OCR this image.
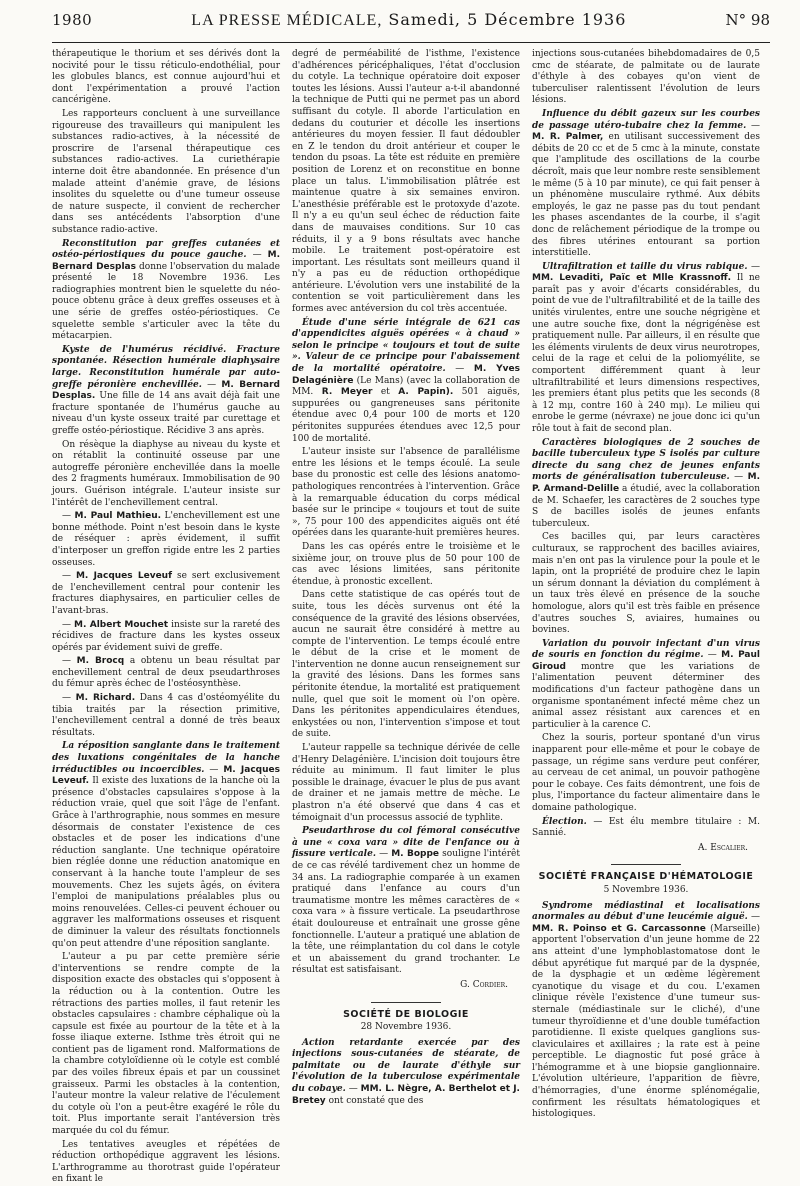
1980	LA PRESSE MÉDICALE, Samedi, 5 Décembre 1936	N° 98

thérapeutique le thorium et ses dérivés dont la nocivité pour le tissu réticulo-endothélial, pour les globules blancs, est connue aujourd'hui et dont l'expérimentation a prouvé l'action cancérigène.

Les rapporteurs concluent à une surveillance rigoureuse des travailleurs qui manipulent les substances radio-actives, à la nécessité de proscrire de l'arsenal thérapeutique ces substances radio-actives. La curiethérapie interne doit être abandonnée. En présence d'un malade atteint d'anémie grave, de lésions insolites du squelette ou d'une tumeur osseuse de nature suspecte, il convient de rechercher dans ses antécédents l'absorption d'une substance radio-active.

Reconstitution par greffes cutanées et ostéo-périostiques du pouce gauche. — M. Bernard Desplas donne l'observation du malade présenté le 18 Novembre 1936. Les radiographies montrent bien le squelette du néo-pouce obtenu grâce à deux greffes osseuses et à une série de greffes ostéo-périostiques. Ce squelette semble s'articuler avec la tête du métacarpien.

Kyste de l'humérus récidivé. Fracture spontanée. Résection humérale diaphysaire large. Reconstitution humérale par auto-greffe péronière enchevillée. — M. Bernard Desplas. Une fille de 14 ans avait déjà fait une fracture spontanée de l'humérus gauche au niveau d'un kyste osseux traité par curettage et greffe ostéo-périostique. Récidive 3 ans après.

On résèque la diaphyse au niveau du kyste et on rétablit la continuité osseuse par une autogreffe péronière enchevillée dans la moelle des 2 fragments huméraux. Immobilisation de 90 jours. Guérison intégrale. L'auteur insiste sur l'intérêt de l'enchevillement central.

— M. Paul Mathieu. L'enchevillement est une bonne méthode. Point n'est besoin dans le kyste de réséquer : après évidement, il suffit d'interposer un greffon rigide entre les 2 parties osseuses.

— M. Jacques Leveuf se sert exclusivement de l'enchevillement central pour contenir les fractures diaphysaires, en particulier celles de l'avant-bras.

— M. Albert Mouchet insiste sur la rareté des récidives de fracture dans les kystes osseux opérés par évidement suivi de greffe.

— M. Brocq a obtenu un beau résultat par enchevillement central de deux pseudarthroses du fémur après échec de l'ostéosynthèse.

— M. Richard. Dans 4 cas d'ostéomyélite du tibia traités par la résection primitive, l'enchevillement central a donné de très beaux résultats.

La réposition sanglante dans le traitement des luxations congénitales de la hanche irréductibles ou incoercibles. — M. Jacques Leveuf. Il existe des luxations de la hanche où la présence d'obstacles capsulaires s'oppose à la réduction vraie, quel que soit l'âge de l'enfant. Grâce à l'arthrographie, nous sommes en mesure désormais de constater l'existence de ces obstacles et de poser les indications d'une réduction sanglante. Une technique opératoire bien réglée donne une réduction anatomique en conservant à la hanche toute l'ampleur de ses mouvements. Chez les sujets âgés, on évitera l'emploi de manipulations préalables plus ou moins renouvelées. Celles-ci peuvent échouer ou aggraver les malformations osseuses et risquent de diminuer la valeur des résultats fonctionnels qu'on peut attendre d'une réposition sanglante.

L'auteur a pu par cette première série d'interventions se rendre compte de la disposition exacte des obstacles qui s'opposent à la réduction ou à la contention. Outre les rétractions des parties molles, il faut retenir les obstacles capsulaires : chambre céphalique où la capsule est fixée au pourtour de la tête et à la fosse iliaque externe. Isthme très étroit qui ne contient pas de ligament rond. Malformations de la chambre cotyloïdienne où le cotyle est comblé par des voiles fibreux épais et par un coussinet graisseux. Parmi les obstacles à la contention, l'auteur montre la valeur relative de l'éculement du cotyle où l'on a peut-être exagéré le rôle du toit. Plus importante serait l'antéversion très marquée du col du fémur.

Les tentatives aveugles et répétées de réduction orthopédique aggravent les lésions. L'arthrogramme au thorotrast guide l'opérateur en fixant le

degré de perméabilité de l'isthme, l'existence d'adhérences péricéphaliques, l'état d'occlusion du cotyle. La technique opératoire doit exposer toutes les lésions. Aussi l'auteur a-t-il abandonné la technique de Putti qui ne permet pas un abord suffisant du cotyle. Il aborde l'articulation en dedans du couturier et décolle les insertions antérieures du moyen fessier. Il faut dédoubler en Z le tendon du droit antérieur et couper le tendon du psoas. La tête est réduite en première position de Lorenz et on reconstitue en bonne place un talus. L'immobilisation plâtrée est maintenue quatre à six semaines environ. L'anesthésie préférable est le protoxyde d'azote. Il n'y a eu qu'un seul échec de réduction faite dans de mauvaises conditions. Sur 10 cas réduits, il y a 9 bons résultats avec hanche mobile. Le traitement post-opératoire est important. Les résultats sont meilleurs quand il n'y a pas eu de réduction orthopédique antérieure. L'évolution vers une instabilité de la contention se voit particulièrement dans les formes avec antéversion du col très accentuée.

Étude d'une série intégrale de 621 cas d'appendicites aiguës opérées « à chaud » selon le principe « toujours et tout de suite ». Valeur de ce principe pour l'abaissement de la mortalité opératoire. — M. Yves Delagénière (Le Mans) (avec la collaboration de MM. R. Meyer et A. Papin). 501 aiguës, suppurées ou gangreneuses sans péritonite étendue avec 0,4 pour 100 de morts et 120 péritonites suppurées étendues avec 12,5 pour 100 de mortalité.

L'auteur insiste sur l'absence de parallélisme entre les lésions et le temps écoulé. La seule base du pronostic est celle des lésions anatomo-pathologiques rencontrées à l'intervention. Grâce à la remarquable éducation du corps médical basée sur le principe « toujours et tout de suite », 75 pour 100 des appendicites aiguës ont été opérées dans les quarante-huit premières heures.

Dans les cas opérés entre le troisième et le sixième jour, on trouve plus de 50 pour 100 de cas avec lésions limitées, sans péritonite étendue, à pronostic excellent.

Dans cette statistique de cas opérés tout de suite, tous les décès survenus ont été la conséquence de la gravité des lésions observées, aucun ne saurait être considéré à mettre au compte de l'intervention. Le temps écoulé entre le début de la crise et le moment de l'intervention ne donne aucun renseignement sur la gravité des lésions. Dans les formes sans péritonite étendue, la mortalité est pratiquement nulle, quel que soit le moment où l'on opère. Dans les péritonites appendiculaires étendues, enkystées ou non, l'intervention s'impose et tout de suite.

L'auteur rappelle sa technique dérivée de celle d'Henry Delagénière. L'incision doit toujours être réduite au minimum. Il faut limiter le plus possible le drainage, évacuer le plus de pus avant de drainer et ne jamais mettre de mèche. Le plastron n'a été observé que dans 4 cas et témoignait d'un processus associé de typhlite.

Pseudarthrose du col fémoral consécutive à une « coxa vara » dite de l'enfance ou à fissure verticale. — M. Boppe souligne l'intérêt de ce cas révélé tardivement chez un homme de 34 ans. La radiographie comparée à un examen pratiqué dans l'enfance au cours d'un traumatisme montre les mêmes caractères de « coxa vara » à fissure verticale. La pseudarthrose était douloureuse et entraînait une grosse gêne fonctionnelle. L'auteur a pratiqué une ablation de la tête, une réimplantation du col dans le cotyle et un abaissement du grand trochanter. Le résultat est satisfaisant.

G. Cordier.
SOCIÉTÉ DE BIOLOGIE
28 Novembre 1936.

Action retardante exercée par des injections sous-cutanées de stéarate, de palmitate ou de laurate d'éthyle sur l'évolution de la tuberculose expérimentale du cobaye. — MM. L. Nègre, A. Berthelot et J. Bretey ont constaté que des

injections sous-cutanées bihebdomadaires de 0,5 cmc de stéarate, de palmitate ou de laurate d'éthyle à des cobayes qu'on vient de tuberculiser ralentissent l'évolution de leurs lésions.

Influence du débit gazeux sur les courbes de passage utéro-tubaire chez la femme. — M. R. Palmer, en utilisant successivement des débits de 20 cc et de 5 cmc à la minute, constate que l'amplitude des oscillations de la courbe décroît, mais que leur nombre reste sensiblement le même (5 à 10 par minute), ce qui fait penser à un phénomène musculaire rythmé. Aux débits employés, le gaz ne passe pas du tout pendant les phases ascendantes de la courbe, il s'agit donc de relâchement périodique de la trompe ou des fibres utérines entourant sa portion interstitielle.

Ultrafiltration et taille du virus rabique. — MM. Levaditi, Païc et Mlle Krassnoff. Il ne paraît pas y avoir d'écarts considérables, du point de vue de l'ultrafiltrabilité et de la taille des unités virulentes, entre une souche négrigène et une autre souche fixe, dont la négrigénèse est pratiquement nulle. Par ailleurs, il en résulte que les éléments virulents de deux virus neurotropes, celui de la rage et celui de la poliomyélite, se comportent différemment quant à leur ultrafiltrabilité et leurs dimensions respectives, les premiers étant plus petits que les seconds (8 à 12 mμ, contre 160 à 240 mμ). Le milieu qui enrobe le germe (névraxe) ne joue donc ici qu'un rôle tout à fait de second plan.

Caractères biologiques de 2 souches de bacille tuberculeux type S isolés par culture directe du sang chez de jeunes enfants morts de généralisation tuberculeuse. — M. P. Armand-Delille a étudié, avec la collaboration de M. Schaefer, les caractères de 2 souches type S de bacilles isolés de jeunes enfants tuberculeux.

Ces bacilles qui, par leurs caractères culturaux, se rapprochent des bacilles aviaires, mais n'en ont pas la virulence pour la poule et le lapin, ont la propriété de produire chez le lapin un sérum donnant la déviation du complément à un taux très élevé en présence de la souche homologue, alors qu'il est très faible en présence d'autres souches S, aviaires, humaines ou bovines.

Variation du pouvoir infectant d'un virus de souris en fonction du régime. — M. Paul Giroud montre que les variations de l'alimentation peuvent déterminer des modifications d'un facteur pathogène dans un organisme spontanément infecté même chez un animal assez résistant aux carences et en particulier à la carence C.

Chez la souris, porteur spontané d'un virus inapparent pour elle-même et pour le cobaye de passage, un régime sans verdure peut conférer, au cerveau de cet animal, un pouvoir pathogène pour le cobaye. Ces faits démontrent, une fois de plus, l'importance du facteur alimentaire dans le domaine pathologique.

Élection. — Est élu membre titulaire : M. Sannié.

A. Escalier.
SOCIÉTÉ FRANÇAISE D'HÉMATOLOGIE
5 Novembre 1936.

Syndrome médiastinal et localisations anormales au début d'une leucémie aiguë. — MM. R. Poinso et G. Carcassonne (Marseille) apportent l'observation d'un jeune homme de 22 ans atteint d'une lymphoblastomatose dont le début apyrétique fut marqué par de la dyspnée, de la dysphagie et un œdème légèrement cyanotique du visage et du cou. L'examen clinique révèle l'existence d'une tumeur sus-sternale (médiastinale sur le cliché), d'une tumeur thyroïdienne et d'une double tuméfaction parotidienne. Il existe quelques ganglions sus-claviculaires et axillaires ; la rate est à peine perceptible. Le diagnostic fut posé grâce à l'hémogramme et à une biopsie ganglionnaire. L'évolution ultérieure, l'apparition de fièvre, d'hémorragies, d'une énorme splénomégalie, confirment les résultats hématologiques et histologiques.
